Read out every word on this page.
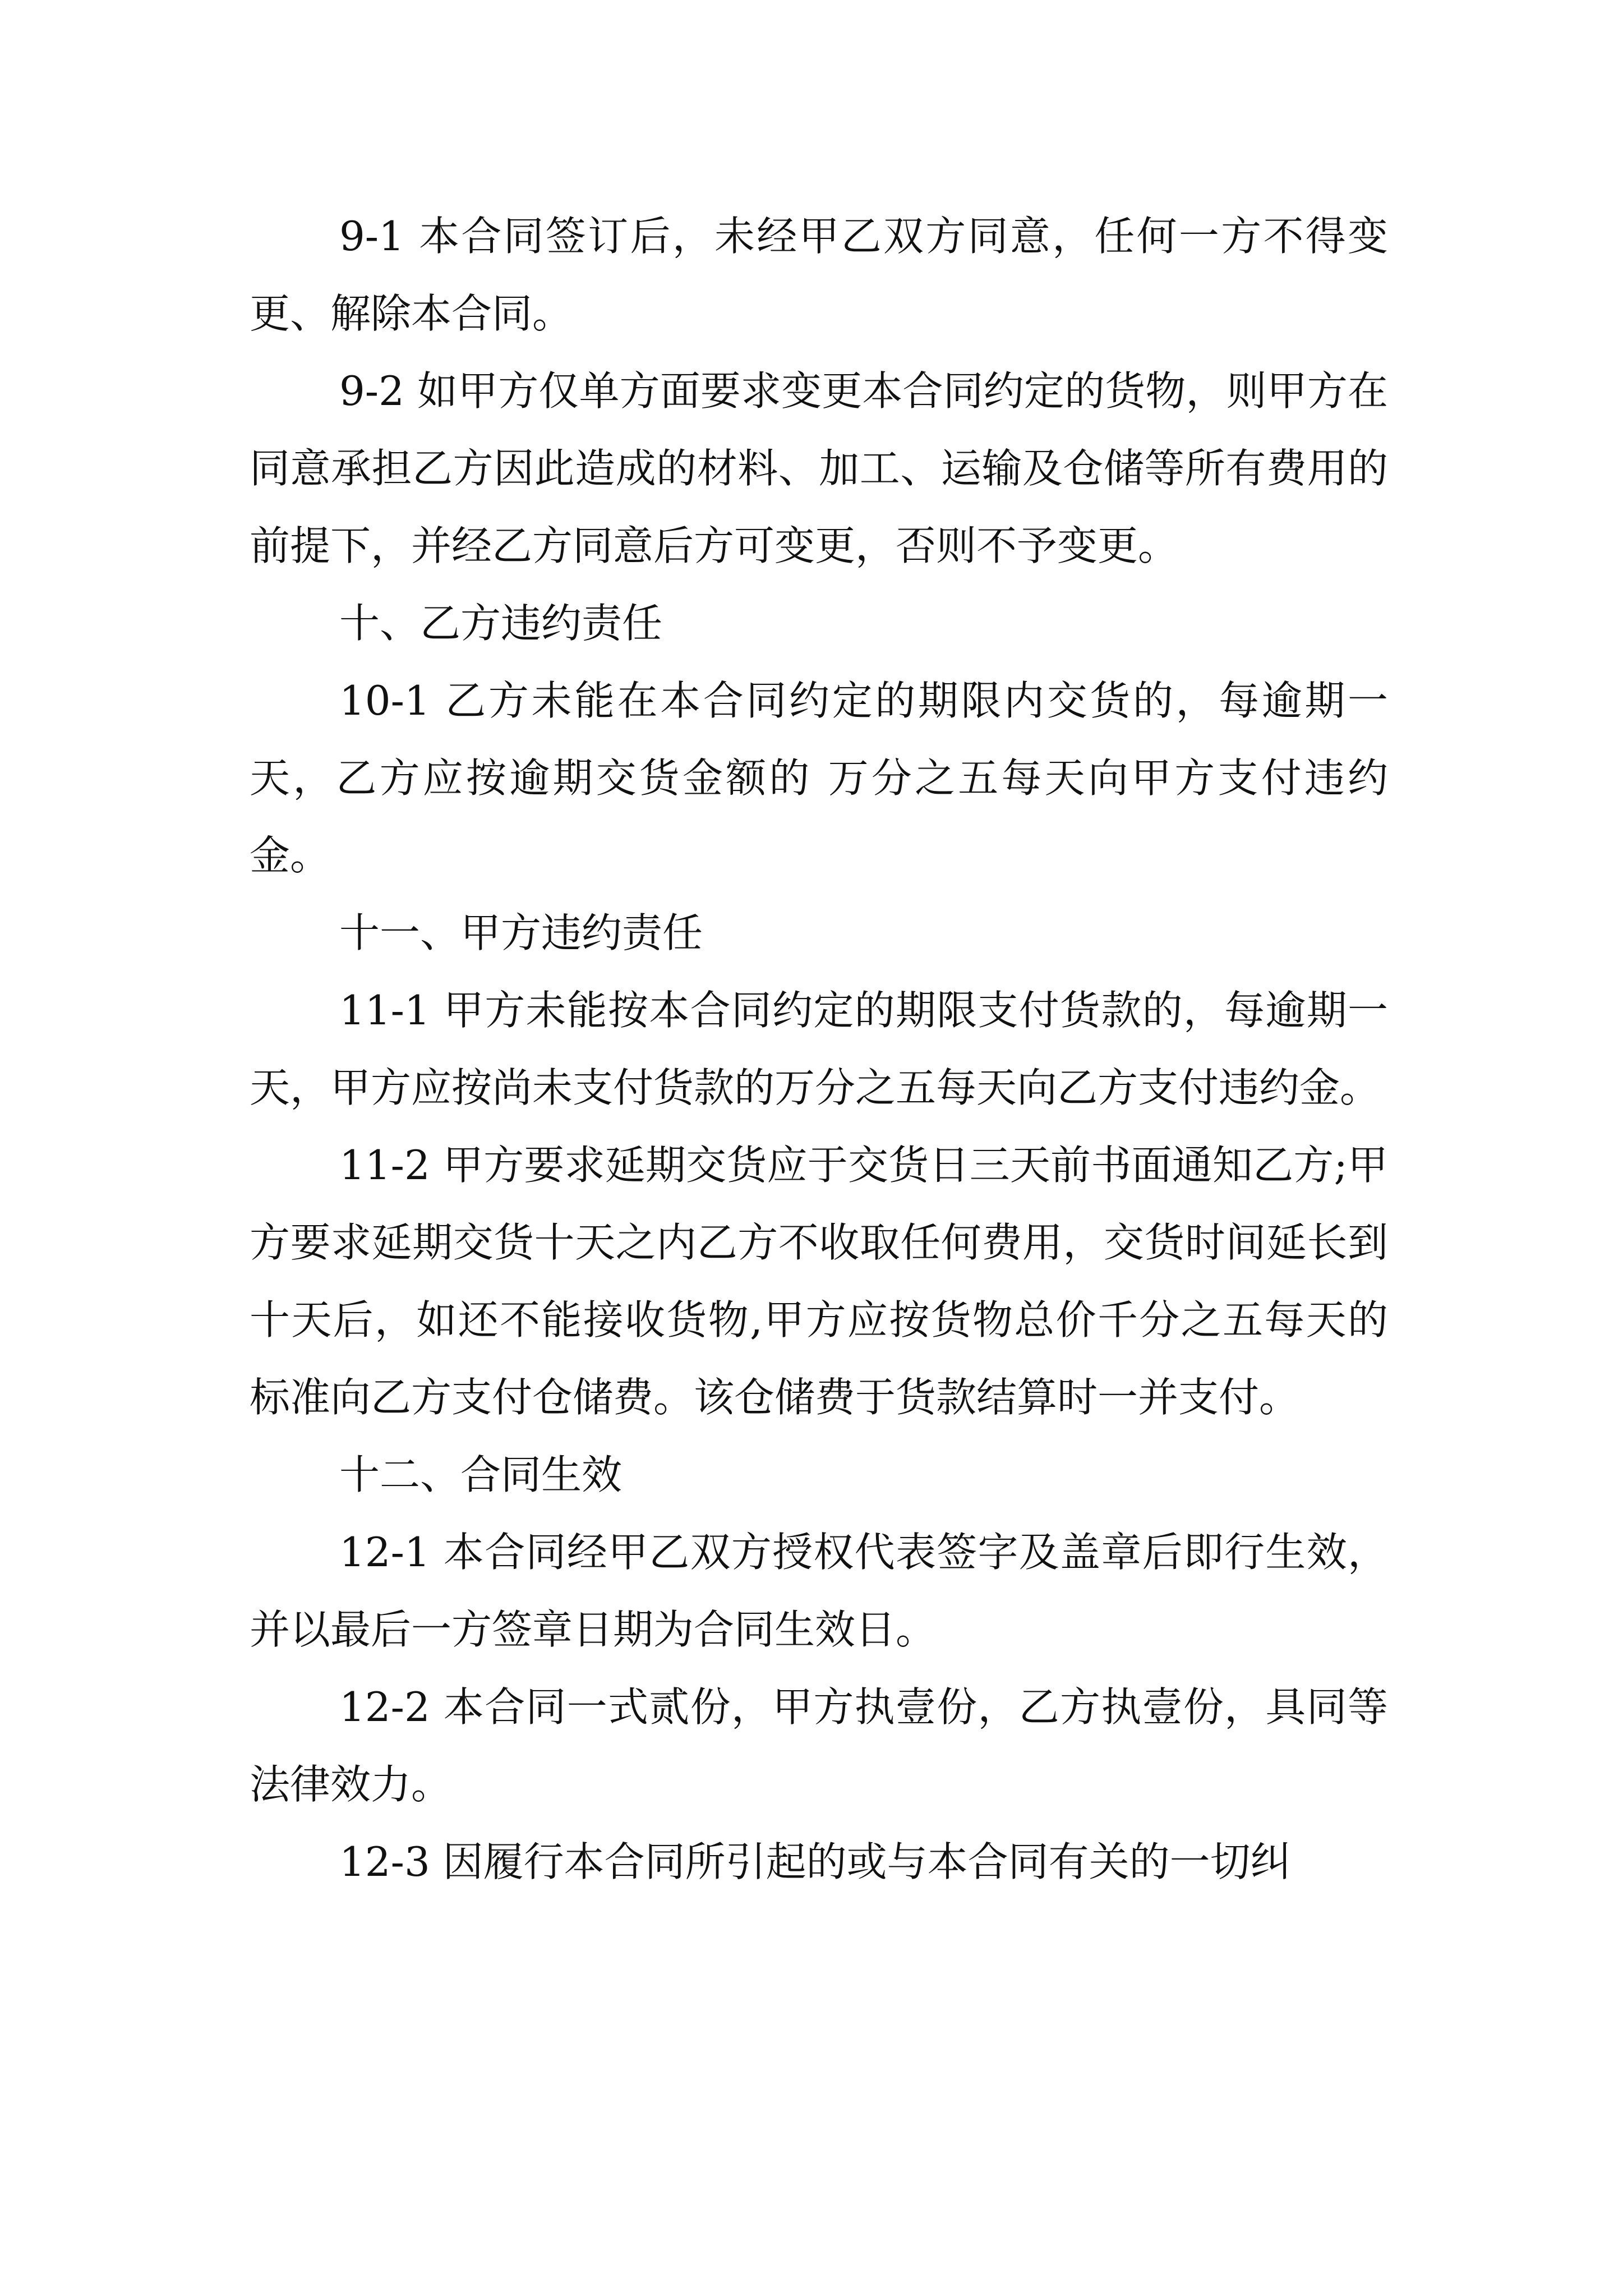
9-1 本合同签订后，未经甲乙双方同意，任何一方不得变更、解除本合同。

9-2 如甲方仅单方面要求变更本合同约定的货物，则甲方在同意承担乙方因此造成的材料、加工、运输及仓储等所有费用的前提下，并经乙方同意后方可变更，否则不予变更。

十、乙方违约责任

10-1 乙方未能在本合同约定的期限内交货的，每逾期一天，乙方应按逾期交货金额的 万分之五每天向甲方支付违约金。

十一、甲方违约责任

11-1 甲方未能按本合同约定的期限支付货款的，每逾期一天，甲方应按尚未支付货款的万分之五每天向乙方支付违约金。

11-2 甲方要求延期交货应于交货日三天前书面通知乙方;甲方要求延期交货十天之内乙方不收取任何费用，交货时间延长到十天后，如还不能接收货物,甲方应按货物总价千分之五每天的标准向乙方支付仓储费。该仓储费于货款结算时一并支付。

十二、合同生效

12-1 本合同经甲乙双方授权代表签字及盖章后即行生效，并以最后一方签章日期为合同生效日。

12-2 本合同一式贰份，甲方执壹份，乙方执壹份，具同等法律效力。

12-3 因履行本合同所引起的或与本合同有关的一切纠
